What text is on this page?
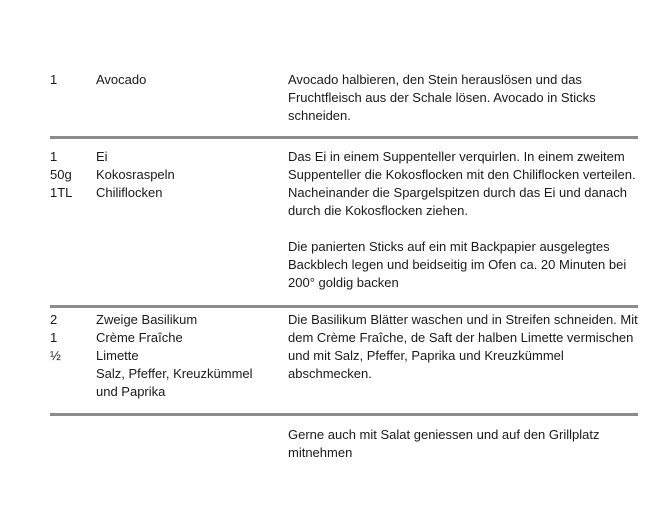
1	Avocado	Avocado halbieren, den Stein herauslösen und das Fruchtfleisch aus der Schale lösen. Avocado in Sticks schneiden.
1
50g
1TL
Ei
Kokosraspeln
Chiliflocken
Das Ei in einem Suppenteller verquirlen. In einem zweitem Suppenteller die Kokosflocken mit den Chiliflocken verteilen. Nacheinander die Spargelspitzen durch das Ei und danach durch die Kokosflocken ziehen.
Die panierten Sticks auf ein mit Backpapier ausgelegtes Backblech legen und beidseitig im Ofen ca. 20 Minuten bei 200° goldig backen
2
1
½
Zweige Basilikum
Crème Fraîche
Limette
Salz, Pfeffer, Kreuzkümmel
und Paprika
Die Basilikum Blätter waschen und in Streifen schneiden. Mit dem Crème Fraîche, de Saft der halben Limette vermischen und mit Salz, Pfeffer, Paprika und Kreuzkümmel abschmecken.
Gerne auch mit Salat geniessen und auf den Grillplatz mitnehmen
